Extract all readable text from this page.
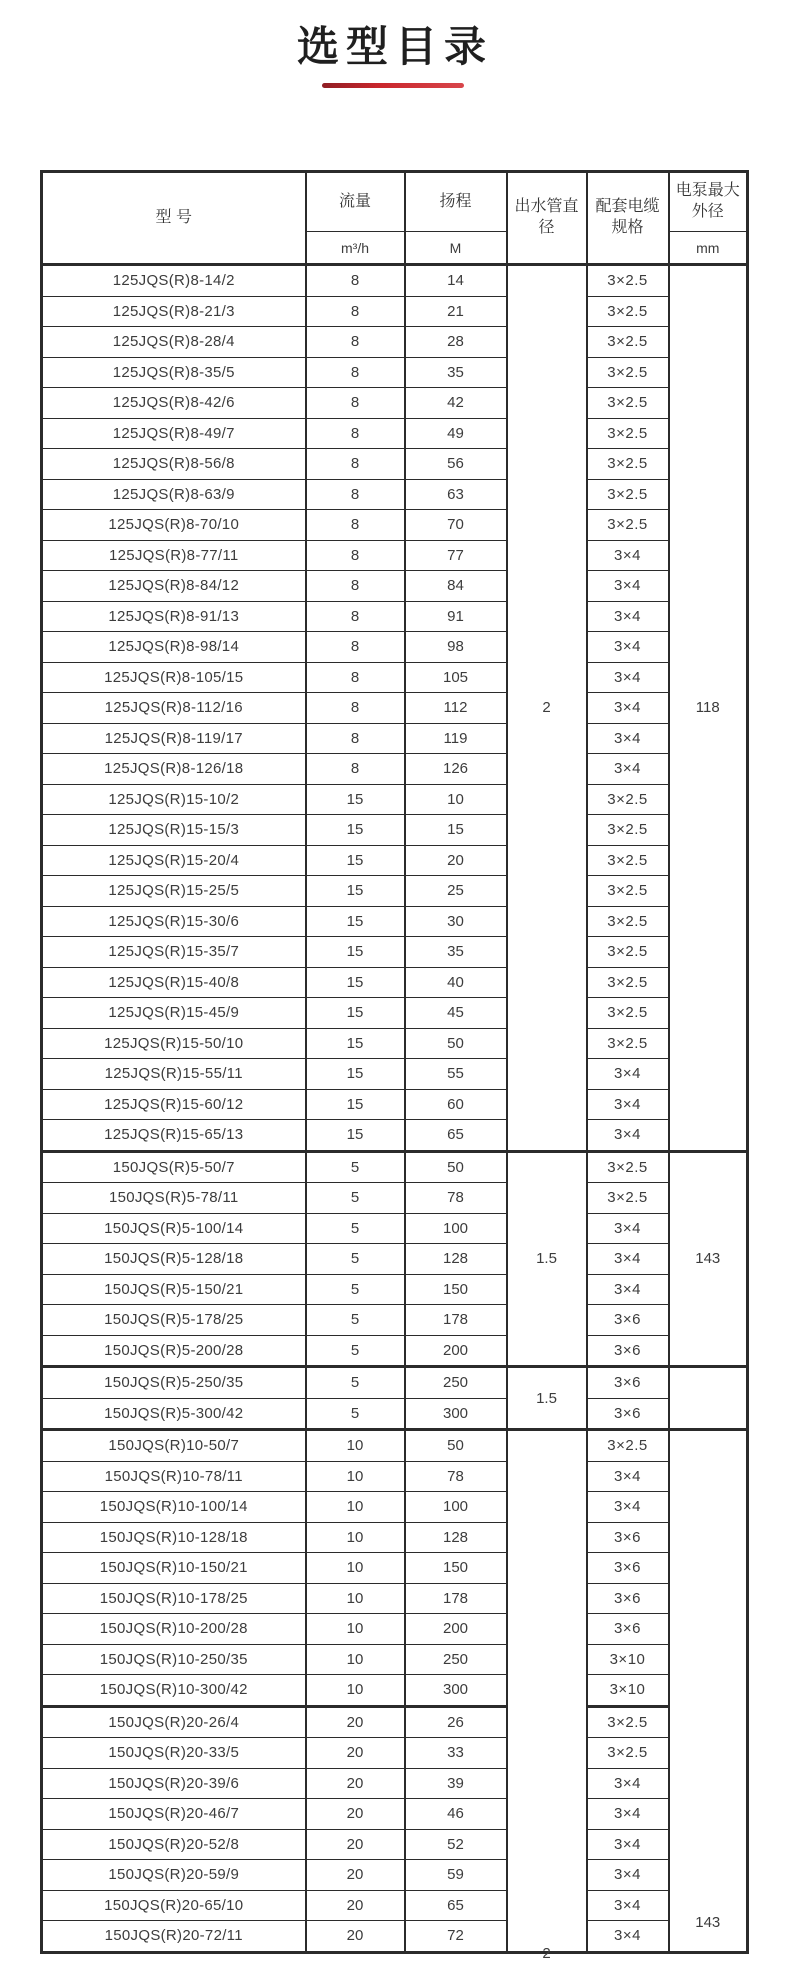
选型目录
型 号	流量	扬程	出水管直径	配套电缆规格	电泵最大外径
	m³/h	M			mm
125JQS(R)8-14/2	8	14	2	3×2.5	118
125JQS(R)8-21/3	8	21		3×2.5	
125JQS(R)8-28/4	8	28		3×2.5	
125JQS(R)8-35/5	8	35		3×2.5	
125JQS(R)8-42/6	8	42		3×2.5	
125JQS(R)8-49/7	8	49		3×2.5	
125JQS(R)8-56/8	8	56		3×2.5	
125JQS(R)8-63/9	8	63		3×2.5	
125JQS(R)8-70/10	8	70		3×2.5	
125JQS(R)8-77/11	8	77		3×4	
125JQS(R)8-84/12	8	84		3×4	
125JQS(R)8-91/13	8	91		3×4	
125JQS(R)8-98/14	8	98		3×4	
125JQS(R)8-105/15	8	105		3×4	
125JQS(R)8-112/16	8	112		3×4	
125JQS(R)8-119/17	8	119		3×4	
125JQS(R)8-126/18	8	126		3×4	
125JQS(R)15-10/2	15	10		3×2.5	
125JQS(R)15-15/3	15	15		3×2.5	
125JQS(R)15-20/4	15	20		3×2.5	
125JQS(R)15-25/5	15	25		3×2.5	
125JQS(R)15-30/6	15	30		3×2.5	
125JQS(R)15-35/7	15	35		3×2.5	
125JQS(R)15-40/8	15	40		3×2.5	
125JQS(R)15-45/9	15	45		3×2.5	
125JQS(R)15-50/10	15	50		3×2.5	
125JQS(R)15-55/11	15	55		3×4	
125JQS(R)15-60/12	15	60		3×4	
125JQS(R)15-65/13	15	65		3×4	
150JQS(R)5-50/7	5	50	1.5	3×2.5	143
150JQS(R)5-78/11	5	78		3×2.5	
150JQS(R)5-100/14	5	100		3×4	
150JQS(R)5-128/18	5	128		3×4	
150JQS(R)5-150/21	5	150		3×4	
150JQS(R)5-178/25	5	178		3×6	
150JQS(R)5-200/28	5	200		3×6	
150JQS(R)5-250/35	5	250	1.5	3×6	
150JQS(R)5-300/42	5	300		3×6	
150JQS(R)10-50/7	10	50	2	3×2.5	143

150JQS(R)10-78/11	10	78		3×4	
150JQS(R)10-100/14	10	100		3×4	
150JQS(R)10-128/18	10	128		3×6	
150JQS(R)10-150/21	10	150		3×6	
150JQS(R)10-178/25	10	178		3×6	
150JQS(R)10-200/28	10	200		3×6	
150JQS(R)10-250/35	10	250		3×10	
150JQS(R)10-300/42	10	300		3×10	
150JQS(R)20-26/4	20	26		3×2.5	
150JQS(R)20-33/5	20	33		3×2.5	
150JQS(R)20-39/6	20	39		3×4	
150JQS(R)20-46/7	20	46		3×4	
150JQS(R)20-52/8	20	52		3×4	
150JQS(R)20-59/9	20	59		3×4	
150JQS(R)20-65/10	20	65		3×4	
150JQS(R)20-72/11	20	72		3×4	
